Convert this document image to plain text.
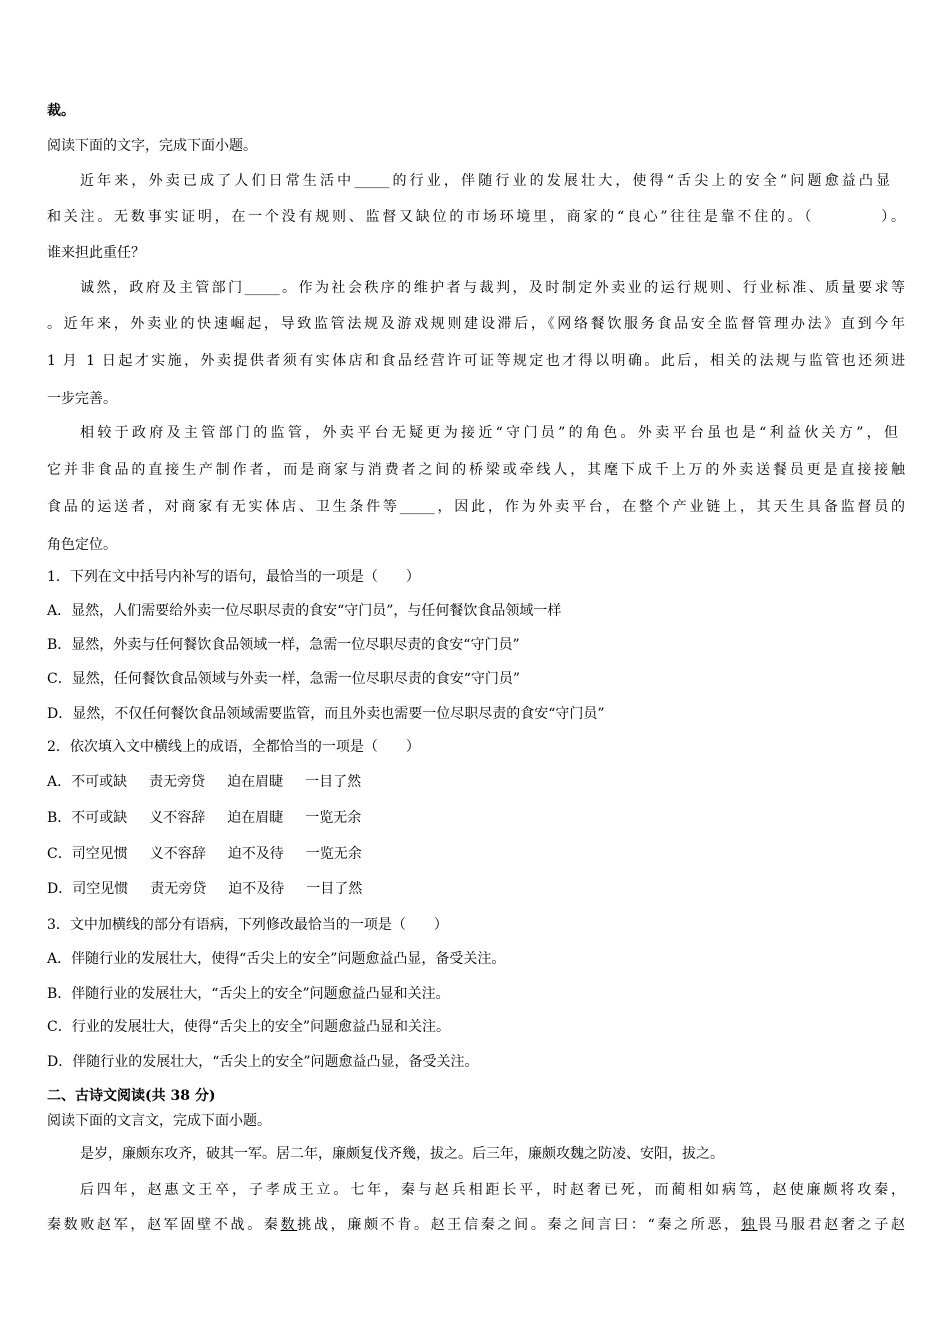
裁。
阅读下面的文字，完成下面小题。
近年来，外卖已成了人们日常生活中_____的行业，伴随行业的发展壮大，使得“舌尖上的安全”问题愈益凸显
和关注。无数事实证明，在一个没有规则、监督又缺位的市场环境里，商家的“良心”往往是靠不住的。（　　　　）。
谁来担此重任？
诚然，政府及主管部门_____。作为社会秩序的维护者与裁判，及时制定外卖业的运行规则、行业标准、质量要求等
。近年来，外卖业的快速崛起，导致监管法规及游戏规则建设滞后，《网络餐饮服务食品安全监督管理办法》直到今年
1 月 1 日起才实施，外卖提供者须有实体店和食品经营许可证等规定也才得以明确。此后，相关的法规与监管也还须进
一步完善。
相较于政府及主管部门的监管，外卖平台无疑更为接近“守门员”的角色。外卖平台虽也是“利益伙关方”，但
它并非食品的直接生产制作者，而是商家与消费者之间的桥梁或牵线人，其麾下成千上万的外卖送餐员更是直接接触
食品的运送者，对商家有无实体店、卫生条件等_____，因此，作为外卖平台，在整个产业链上，其天生具备监督员的
角色定位。
1．下列在文中括号内补写的语句，最恰当的一项是（　　）
A．显然，人们需要给外卖一位尽职尽责的食安“守门员”，与任何餐饮食品领域一样
B．显然，外卖与任何餐饮食品领域一样，急需一位尽职尽责的食安“守门员”
C．显然，任何餐饮食品领域与外卖一样，急需一位尽职尽责的食安“守门员”
D．显然，不仅任何餐饮食品领域需要监管，而且外卖也需要一位尽职尽责的食安“守门员”
2．依次填入文中横线上的成语，全都恰当的一项是（　　）
A．不可或缺 责无旁贷 迫在眉睫 一目了然
B．不可或缺 义不容辞 迫在眉睫 一览无余
C．司空见惯 义不容辞 迫不及待 一览无余
D．司空见惯 责无旁贷 迫不及待 一目了然
3．文中加横线的部分有语病，下列修改最恰当的一项是（　　）
A．伴随行业的发展壮大，使得“舌尖上的安全”问题愈益凸显，备受关注。
B．伴随行业的发展壮大，“舌尖上的安全”问题愈益凸显和关注。
C．行业的发展壮大，使得“舌尖上的安全”问题愈益凸显和关注。
D．伴随行业的发展壮大，“舌尖上的安全”问题愈益凸显，备受关注。
二、古诗文阅读(共 38 分)
阅读下面的文言文，完成下面小题。
是岁，廉颇东攻齐，破其一军。居二年，廉颇复伐齐幾，拔之。后三年，廉颇攻魏之防凌、安阳，拔之。
后四年，赵惠文王卒，子孝成王立。七年，秦与赵兵相距长平，时赵奢已死，而蔺相如病笃，赵使廉颇将攻秦，
秦数败赵军，赵军固壁不战。秦数挑战，廉颇不肯。赵王信秦之间。秦之间言曰：“秦之所恶，独畏马服君赵奢之子赵
